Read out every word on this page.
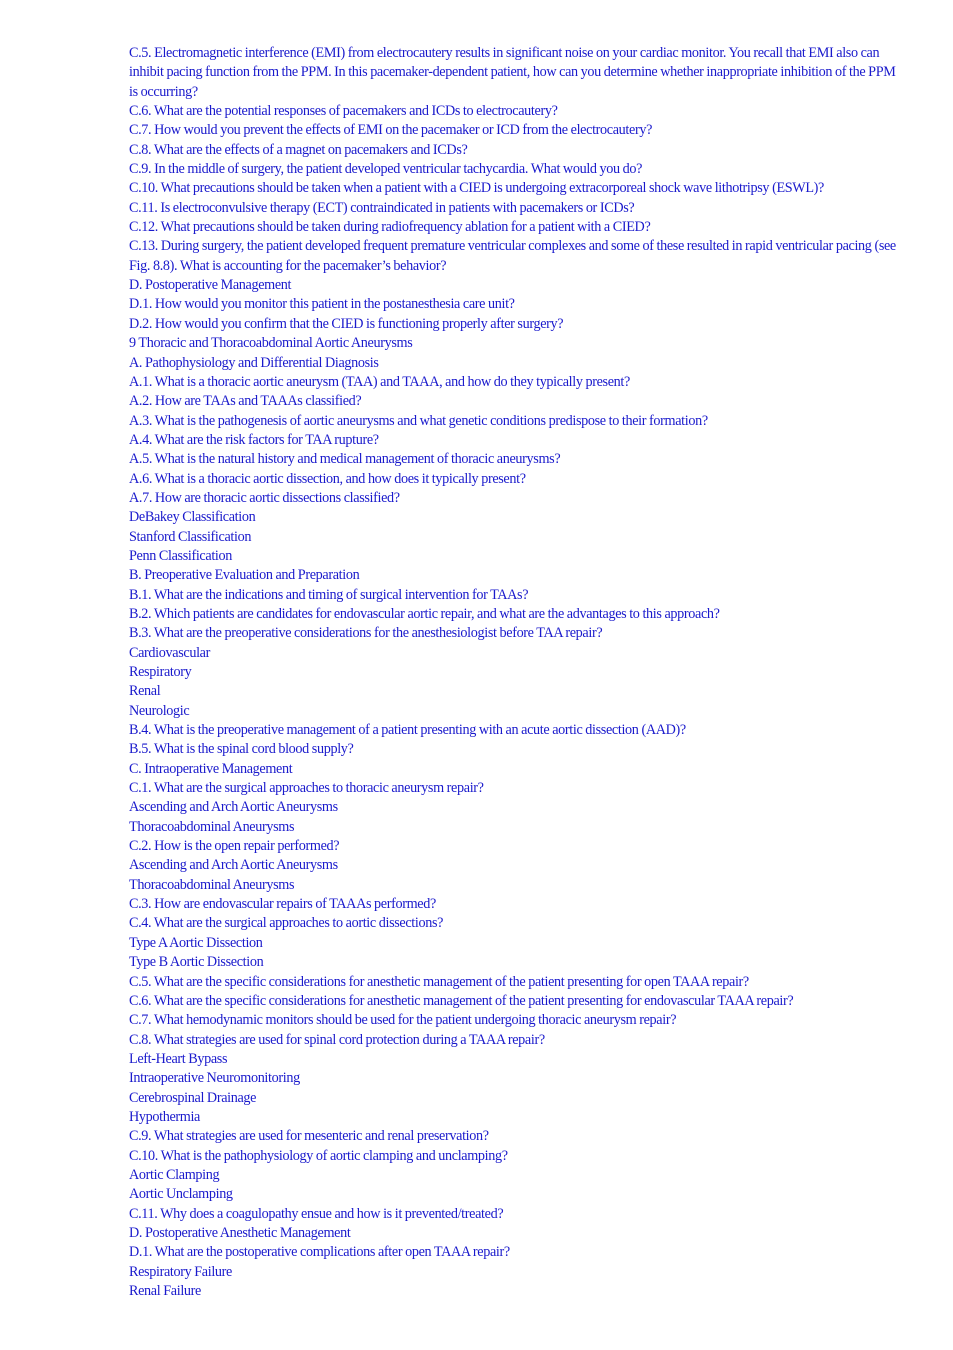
C.5. Electromagnetic interference (EMI) from electrocautery results in significant noise on your cardiac monitor. You recall that EMI also can inhibit pacing function from the PPM. In this pacemaker-dependent patient, how can you determine whether inappropriate inhibition of the PPM is occurring?
C.6. What are the potential responses of pacemakers and ICDs to electrocautery?
C.7. How would you prevent the effects of EMI on the pacemaker or ICD from the electrocautery?
C.8. What are the effects of a magnet on pacemakers and ICDs?
C.9. In the middle of surgery, the patient developed ventricular tachycardia. What would you do?
C.10. What precautions should be taken when a patient with a CIED is undergoing extracorporeal shock wave lithotripsy (ESWL)?
C.11. Is electroconvulsive therapy (ECT) contraindicated in patients with pacemakers or ICDs?
C.12. What precautions should be taken during radiofrequency ablation for a patient with a CIED?
C.13. During surgery, the patient developed frequent premature ventricular complexes and some of these resulted in rapid ventricular pacing (see Fig. 8.8). What is accounting for the pacemaker’s behavior?
D. Postoperative Management
D.1. How would you monitor this patient in the postanesthesia care unit?
D.2. How would you confirm that the CIED is functioning properly after surgery?
9 Thoracic and Thoracoabdominal Aortic Aneurysms
A. Pathophysiology and Differential Diagnosis
A.1. What is a thoracic aortic aneurysm (TAA) and TAAA, and how do they typically present?
A.2. How are TAAs and TAAAs classified?
A.3. What is the pathogenesis of aortic aneurysms and what genetic conditions predispose to their formation?
A.4. What are the risk factors for TAA rupture?
A.5. What is the natural history and medical management of thoracic aneurysms?
A.6. What is a thoracic aortic dissection, and how does it typically present?
A.7. How are thoracic aortic dissections classified?
DeBakey Classification
Stanford Classification
Penn Classification
B. Preoperative Evaluation and Preparation
B.1. What are the indications and timing of surgical intervention for TAAs?
B.2. Which patients are candidates for endovascular aortic repair, and what are the advantages to this approach?
B.3. What are the preoperative considerations for the anesthesiologist before TAA repair?
Cardiovascular
Respiratory
Renal
Neurologic
B.4. What is the preoperative management of a patient presenting with an acute aortic dissection (AAD)?
B.5. What is the spinal cord blood supply?
C. Intraoperative Management
C.1. What are the surgical approaches to thoracic aneurysm repair?
Ascending and Arch Aortic Aneurysms
Thoracoabdominal Aneurysms
C.2. How is the open repair performed?
Ascending and Arch Aortic Aneurysms
Thoracoabdominal Aneurysms
C.3. How are endovascular repairs of TAAAs performed?
C.4. What are the surgical approaches to aortic dissections?
Type A Aortic Dissection
Type B Aortic Dissection
C.5. What are the specific considerations for anesthetic management of the patient presenting for open TAAA repair?
C.6. What are the specific considerations for anesthetic management of the patient presenting for endovascular TAAA repair?
C.7. What hemodynamic monitors should be used for the patient undergoing thoracic aneurysm repair?
C.8. What strategies are used for spinal cord protection during a TAAA repair?
Left-Heart Bypass
Intraoperative Neuromonitoring
Cerebrospinal Drainage
Hypothermia
C.9. What strategies are used for mesenteric and renal preservation?
C.10. What is the pathophysiology of aortic clamping and unclamping?
Aortic Clamping
Aortic Unclamping
C.11. Why does a coagulopathy ensue and how is it prevented/treated?
D. Postoperative Anesthetic Management
D.1. What are the postoperative complications after open TAAA repair?
Respiratory Failure
Renal Failure
